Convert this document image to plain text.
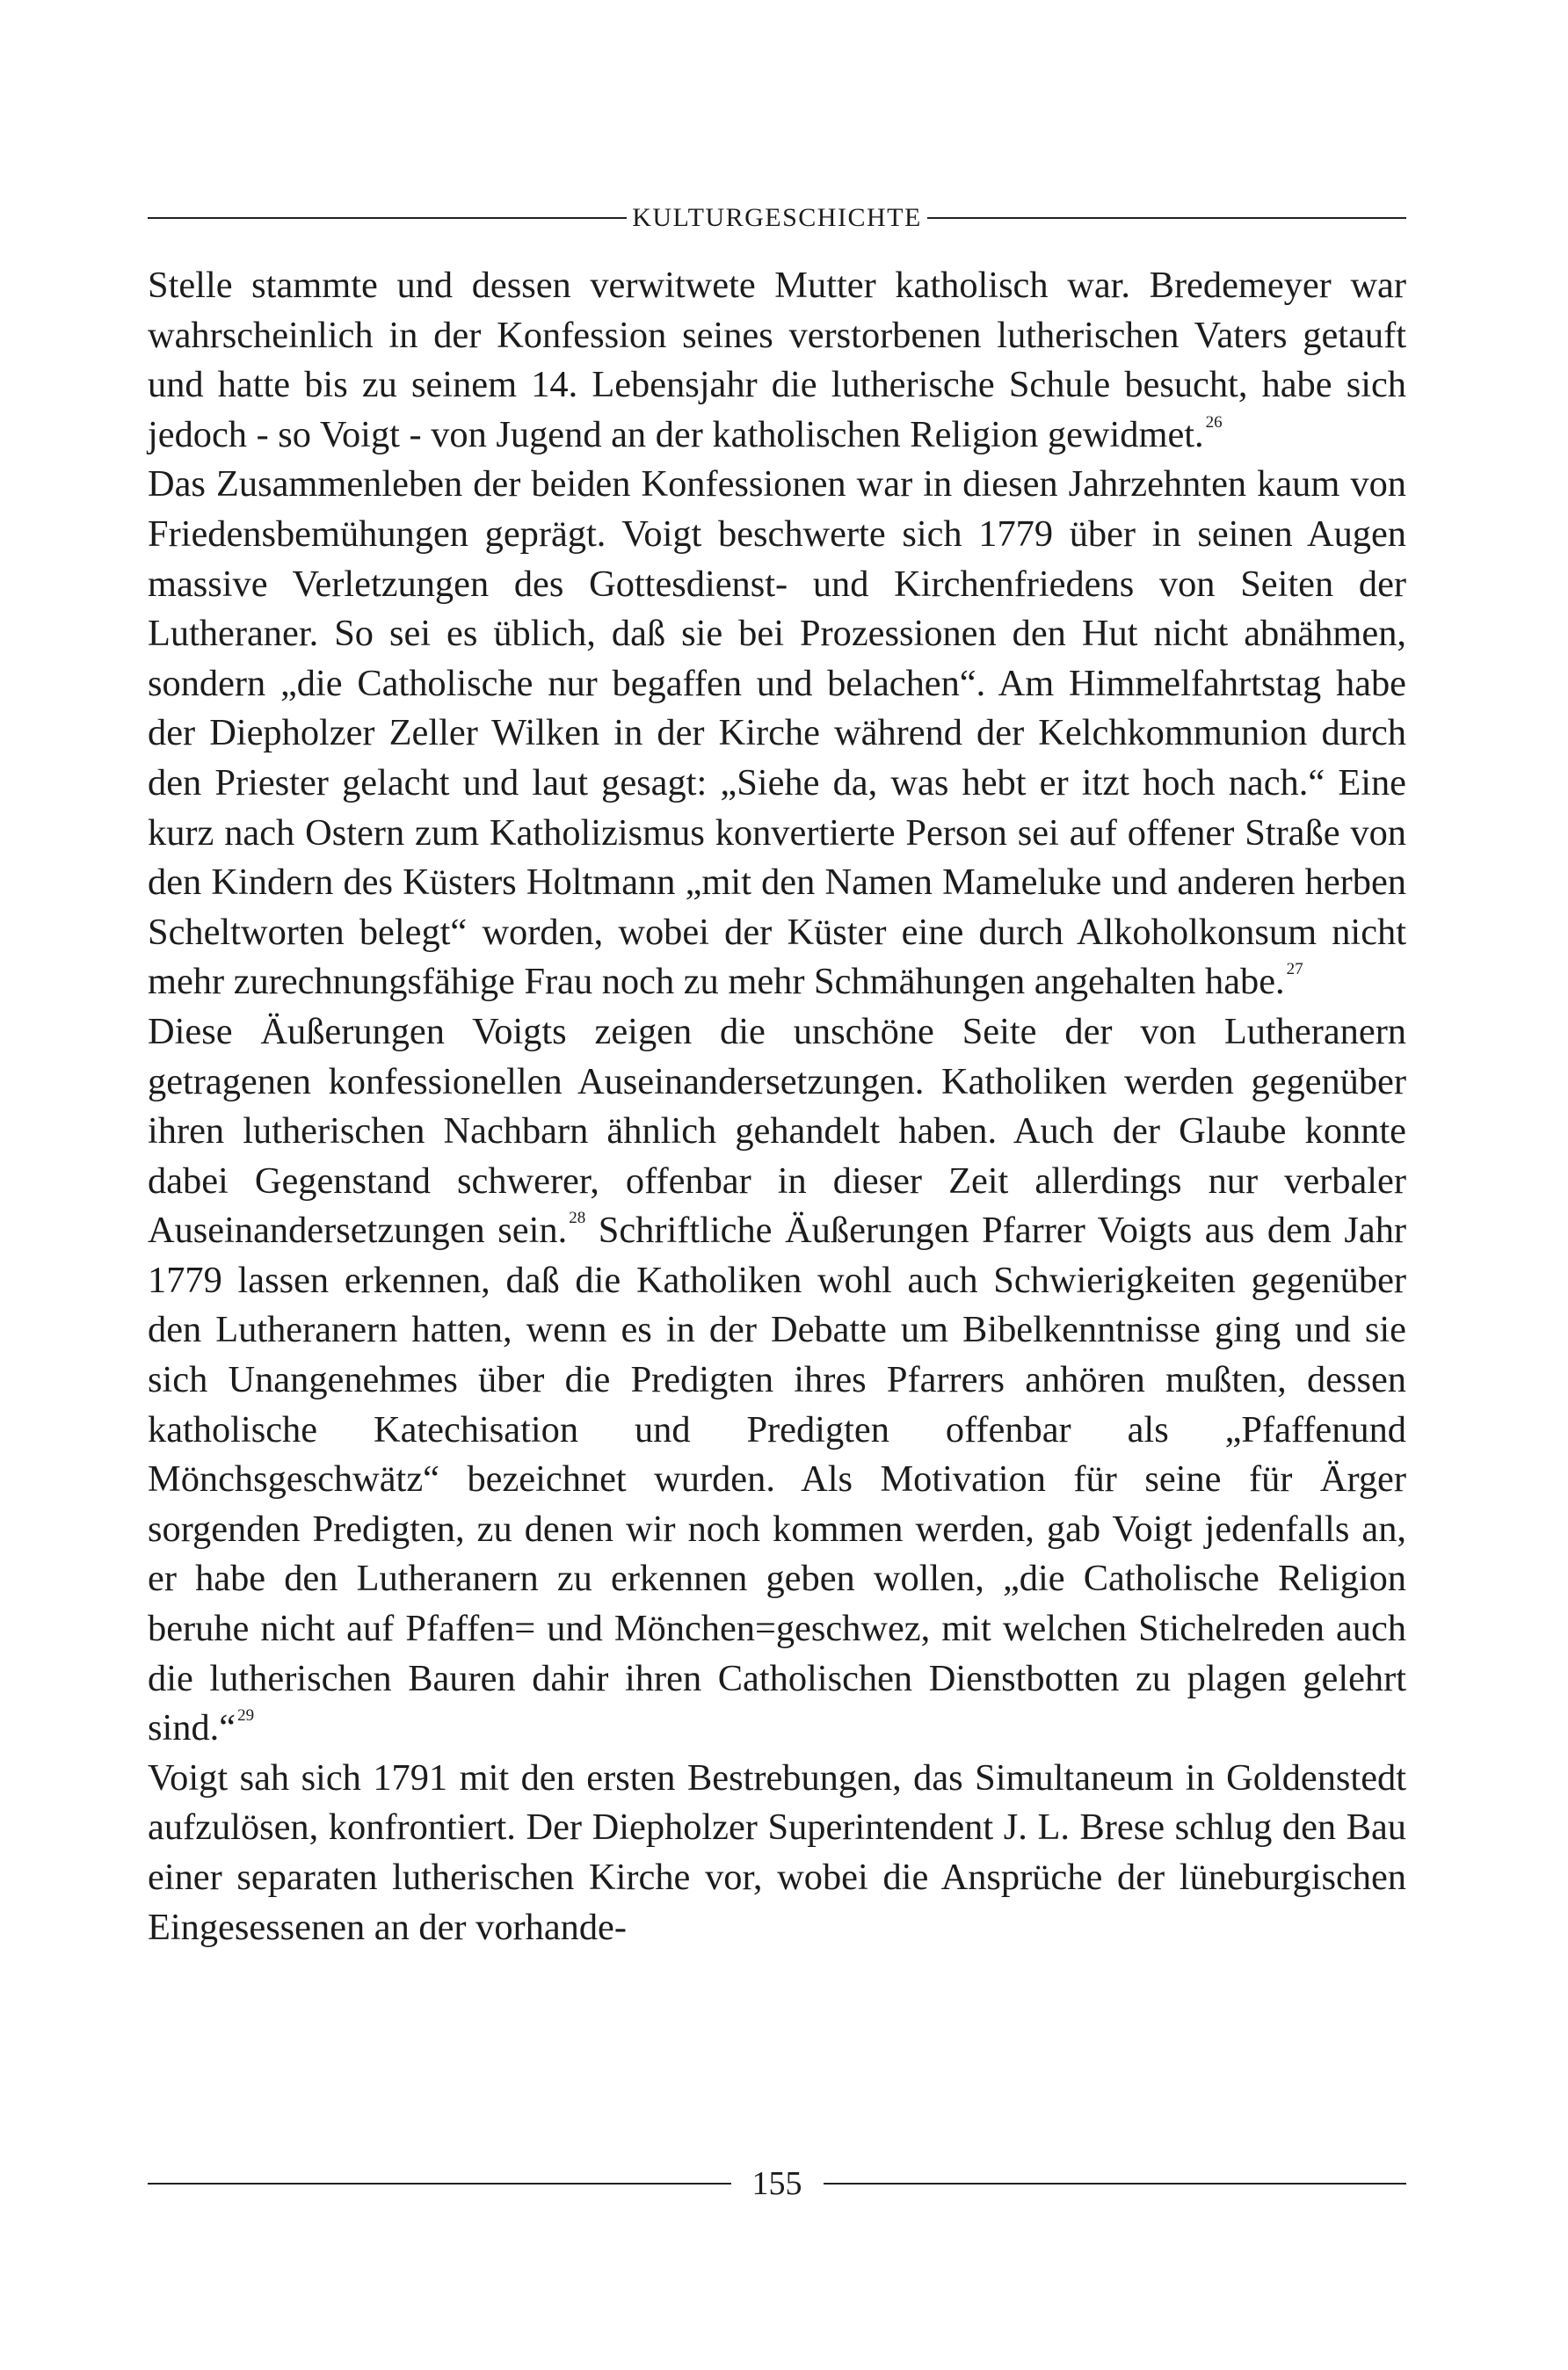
KULTURGESCHICHTE

Stelle stammte und dessen verwitwete Mutter katholisch war. Bredemeyer war wahrscheinlich in der Konfession seines verstorbenen lutherischen Vaters getauft und hatte bis zu seinem 14. Lebensjahr die lutherische Schule besucht, habe sich jedoch - so Voigt - von Jugend an der katholischen Religion gewidmet. $^{26}$

Das Zusammenleben der beiden Konfessionen war in diesen Jahrzehnten kaum von Friedensbemühungen geprägt. Voigt beschwerte sich 1779 über in seinen Augen massive Verletzungen des Gottesdienst- und Kirchenfriedens von Seiten der Lutheraner. So sei es üblich, daß sie bei Prozessionen den Hut nicht abnähmen, sondern „die Catholische nur begaffen und belachen“. Am Himmelfahrtstag habe der Diepholzer Zeller Wilken in der Kirche während der Kelchkommunion durch den Priester gelacht und laut gesagt: „Siehe da, was hebt er itzt hoch nach.“ Eine kurz nach Ostern zum Katholizismus konvertierte Person sei auf offener Straße von den Kindern des Küsters Holtmann „mit den Namen Mameluke und anderen herben Scheltworten belegt“ worden, wobei der Küster eine durch Alkoholkonsum nicht mehr zurechnungsfähige Frau noch zu mehr Schmähungen angehalten habe. $^{27}$

Diese Äußerungen Voigts zeigen die unschöne Seite der von Lutheranern getragenen konfessionellen Auseinandersetzungen. Katholiken werden gegenüber ihren lutherischen Nachbarn ähnlich gehandelt haben. Auch der Glaube konnte dabei Gegenstand schwerer, offenbar in dieser Zeit allerdings nur verbaler Auseinandersetzungen sein. $^{28}$ Schriftliche Äußerungen Pfarrer Voigts aus dem Jahr 1779 lassen erkennen, daß die Katholiken wohl auch Schwierigkeiten gegenüber den Lutheranern hatten, wenn es in der Debatte um Bibelkenntnisse ging und sie sich Unangenehmes über die Predigten ihres Pfarrers anhören mußten, dessen katholische Katechisation und Predigten offenbar als „Pfaffenund Mönchsgeschwätz“ bezeichnet wurden. Als Motivation für seine für Ärger sorgenden Predigten, zu denen wir noch kommen werden, gab Voigt jedenfalls an, er habe den Lutheranern zu erkennen geben wollen, „die Catholische Religion beruhe nicht auf Pfaffen= und Mönchen=geschwez, mit welchen Stichelreden auch die lutherischen Bauren dahir ihren Catholischen Dienstbotten zu plagen gelehrt sind.“ $^{29}$

Voigt sah sich 1791 mit den ersten Bestrebungen, das Simultaneum in Goldenstedt aufzulösen, konfrontiert. Der Diepholzer Superintendent J. L. Brese schlug den Bau einer separaten lutherischen Kirche vor, wobei die Ansprüche der lüneburgischen Eingesessenen an der vorhande-

155
